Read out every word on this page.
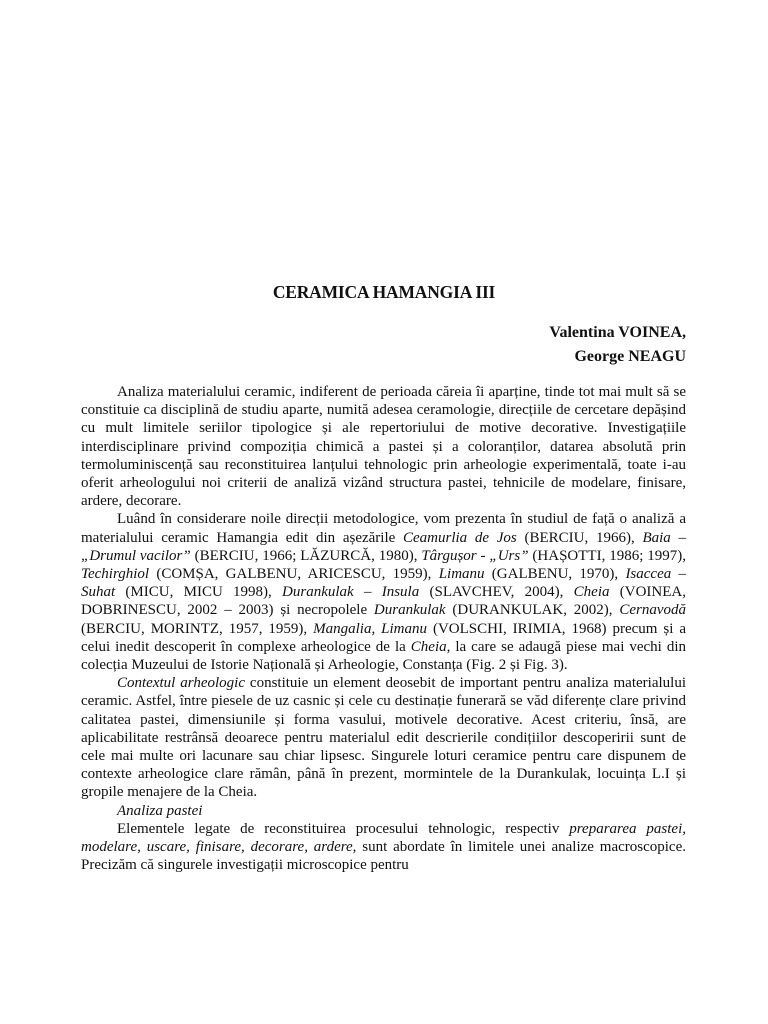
CERAMICA HAMANGIA III
Valentina VOINEA,
George NEAGU

Analiza materialului ceramic, indiferent de perioada căreia îi aparține, tinde tot mai mult să se constituie ca disciplină de studiu aparte, numită adesea ceramologie, direcțiile de cercetare depășind cu mult limitele seriilor tipologice și ale repertoriului de motive decorative. Investigațiile interdisciplinare privind compoziția chimică a pastei și a coloranților, datarea absolută prin termoluminiscență sau reconstituirea lanțului tehnologic prin arheologie experimentală, toate i-au oferit arheologului noi criterii de analiză vizând structura pastei, tehnicile de modelare, finisare, ardere, decorare.

Luând în considerare noile direcții metodologice, vom prezenta în studiul de față o analiză a materialului ceramic Hamangia edit din așezările Ceamurlia de Jos (BERCIU, 1966), Baia – „Drumul vacilor” (BERCIU, 1966; LĂZURCĂ, 1980), Târgușor - „Urs” (HAȘOTTI, 1986; 1997), Techirghiol (COMȘA, GALBENU, ARICESCU, 1959), Limanu (GALBENU, 1970), Isaccea – Suhat (MICU, MICU 1998), Durankulak – Insula (SLAVCHEV, 2004), Cheia (VOINEA, DOBRINESCU, 2002 – 2003) și necropolele Durankulak (DURANKULAK, 2002), Cernavodă (BERCIU, MORINTZ, 1957, 1959), Mangalia, Limanu (VOLSCHI, IRIMIA, 1968) precum și a celui inedit descoperit în complexe arheologice de la Cheia, la care se adaugă piese mai vechi din colecția Muzeului de Istorie Națională și Arheologie, Constanța (Fig. 2 și Fig. 3).

Contextul arheologic constituie un element deosebit de important pentru analiza materialului ceramic. Astfel, între piesele de uz casnic și cele cu destinație funerară se văd diferențe clare privind calitatea pastei, dimensiunile și forma vasului, motivele decorative. Acest criteriu, însă, are aplicabilitate restrânsă deoarece pentru materialul edit descrierile condițiilor descoperirii sunt de cele mai multe ori lacunare sau chiar lipsesc. Singurele loturi ceramice pentru care dispunem de contexte arheologice clare rămân, până în prezent, mormintele de la Durankulak, locuința L.I și gropile menajere de la Cheia.

Analiza pastei

Elementele legate de reconstituirea procesului tehnologic, respectiv prepararea pastei, modelare, uscare, finisare, decorare, ardere, sunt abordate în limitele unei analize macroscopice. Precizăm că singurele investigații microscopice pentru
